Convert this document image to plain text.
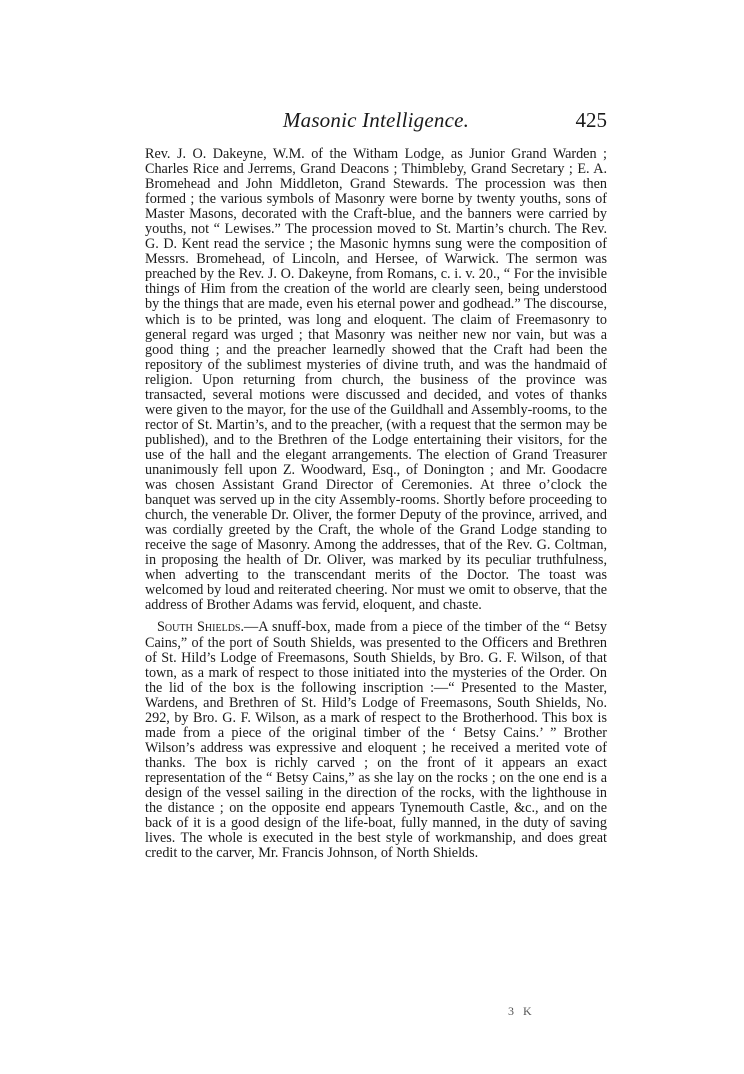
Masonic Intelligence.	425

Rev. J. O. Dakeyne, W.M. of the Witham Lodge, as Junior Grand Warden ; Charles Rice and Jerrems, Grand Deacons ; Thimbleby, Grand Secretary ; E. A. Bromehead and John Middleton, Grand Stewards. The procession was then formed ; the various symbols of Masonry were borne by twenty youths, sons of Master Masons, decorated with the Craft-blue, and the banners were carried by youths, not “ Lewises.” The procession moved to St. Martin’s church. The Rev. G. D. Kent read the service ; the Masonic hymns sung were the composition of Messrs. Bromehead, of Lincoln, and Hersee, of Warwick. The sermon was preached by the Rev. J. O. Dakeyne, from Romans, c. i. v. 20., “ For the invisible things of Him from the creation of the world are clearly seen, being understood by the things that are made, even his eternal power and godhead.” The discourse, which is to be printed, was long and eloquent. The claim of Freemasonry to general regard was urged ; that Masonry was neither new nor vain, but was a good thing ; and the preacher learnedly showed that the Craft had been the repository of the sublimest mysteries of divine truth, and was the handmaid of religion. Upon returning from church, the business of the province was transacted, several motions were discussed and decided, and votes of thanks were given to the mayor, for the use of the Guildhall and Assembly-rooms, to the rector of St. Martin’s, and to the preacher, (with a request that the sermon may be published), and to the Brethren of the Lodge entertaining their visitors, for the use of the hall and the elegant arrangements. The election of Grand Treasurer unanimously fell upon Z. Woodward, Esq., of Donington ; and Mr. Goodacre was chosen Assistant Grand Director of Ceremonies. At three o’clock the banquet was served up in the city Assembly-rooms. Shortly before proceeding to church, the venerable Dr. Oliver, the former Deputy of the province, arrived, and was cordially greeted by the Craft, the whole of the Grand Lodge standing to receive the sage of Masonry. Among the addresses, that of the Rev. G. Coltman, in proposing the health of Dr. Oliver, was marked by its peculiar truthfulness, when adverting to the transcendant merits of the Doctor. The toast was welcomed by loud and reiterated cheering. Nor must we omit to observe, that the address of Brother Adams was fervid, eloquent, and chaste.

South Shields.—A snuff-box, made from a piece of the timber of the “ Betsy Cains,” of the port of South Shields, was presented to the Officers and Brethren of St. Hild’s Lodge of Freemasons, South Shields, by Bro. G. F. Wilson, of that town, as a mark of respect to those initiated into the mysteries of the Order. On the lid of the box is the following inscription :—“ Presented to the Master, Wardens, and Brethren of St. Hild’s Lodge of Freemasons, South Shields, No. 292, by Bro. G. F. Wilson, as a mark of respect to the Brotherhood. This box is made from a piece of the original timber of the ‘ Betsy Cains.’ ” Brother Wilson’s address was expressive and eloquent ; he received a merited vote of thanks. The box is richly carved ; on the front of it appears an exact representation of the “ Betsy Cains,” as she lay on the rocks ; on the one end is a design of the vessel sailing in the direction of the rocks, with the lighthouse in the distance ; on the opposite end appears Tynemouth Castle, &c., and on the back of it is a good design of the life-boat, fully manned, in the duty of saving lives. The whole is executed in the best style of workmanship, and does great credit to the carver, Mr. Francis Johnson, of North Shields.

3 K
